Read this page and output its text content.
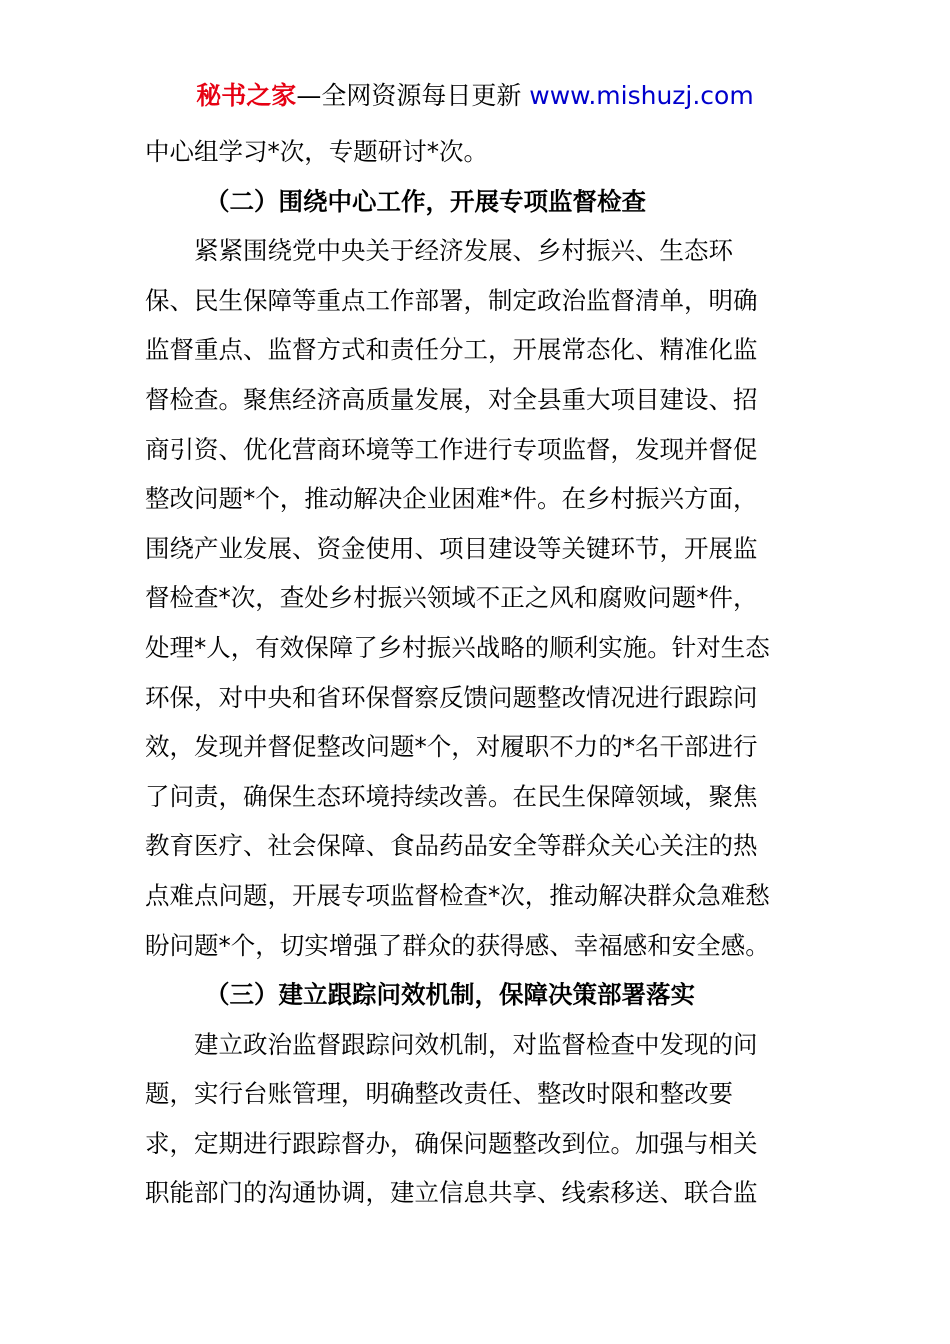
秘书之家—全网资源每日更新 www.mishuzj.com
中心组学习*次，专题研讨*次。
（二）围绕中心工作，开展专项监督检查
紧紧围绕党中央关于经济发展、乡村振兴、生态环
保、民生保障等重点工作部署，制定政治监督清单，明确
监督重点、监督方式和责任分工，开展常态化、精准化监
督检查。聚焦经济高质量发展，对全县重大项目建设、招
商引资、优化营商环境等工作进行专项监督，发现并督促
整改问题*个，推动解决企业困难*件。在乡村振兴方面，
围绕产业发展、资金使用、项目建设等关键环节，开展监
督检查*次，查处乡村振兴领域不正之风和腐败问题*件，
处理*人，有效保障了乡村振兴战略的顺利实施。针对生态
环保，对中央和省环保督察反馈问题整改情况进行跟踪问
效，发现并督促整改问题*个，对履职不力的*名干部进行
了问责，确保生态环境持续改善。在民生保障领域，聚焦
教育医疗、社会保障、食品药品安全等群众关心关注的热
点难点问题，开展专项监督检查*次，推动解决群众急难愁
盼问题*个，切实增强了群众的获得感、幸福感和安全感。
（三）建立跟踪问效机制，保障决策部署落实
建立政治监督跟踪问效机制，对监督检查中发现的问
题，实行台账管理，明确整改责任、整改时限和整改要
求，定期进行跟踪督办，确保问题整改到位。加强与相关
职能部门的沟通协调，建立信息共享、线索移送、联合监
